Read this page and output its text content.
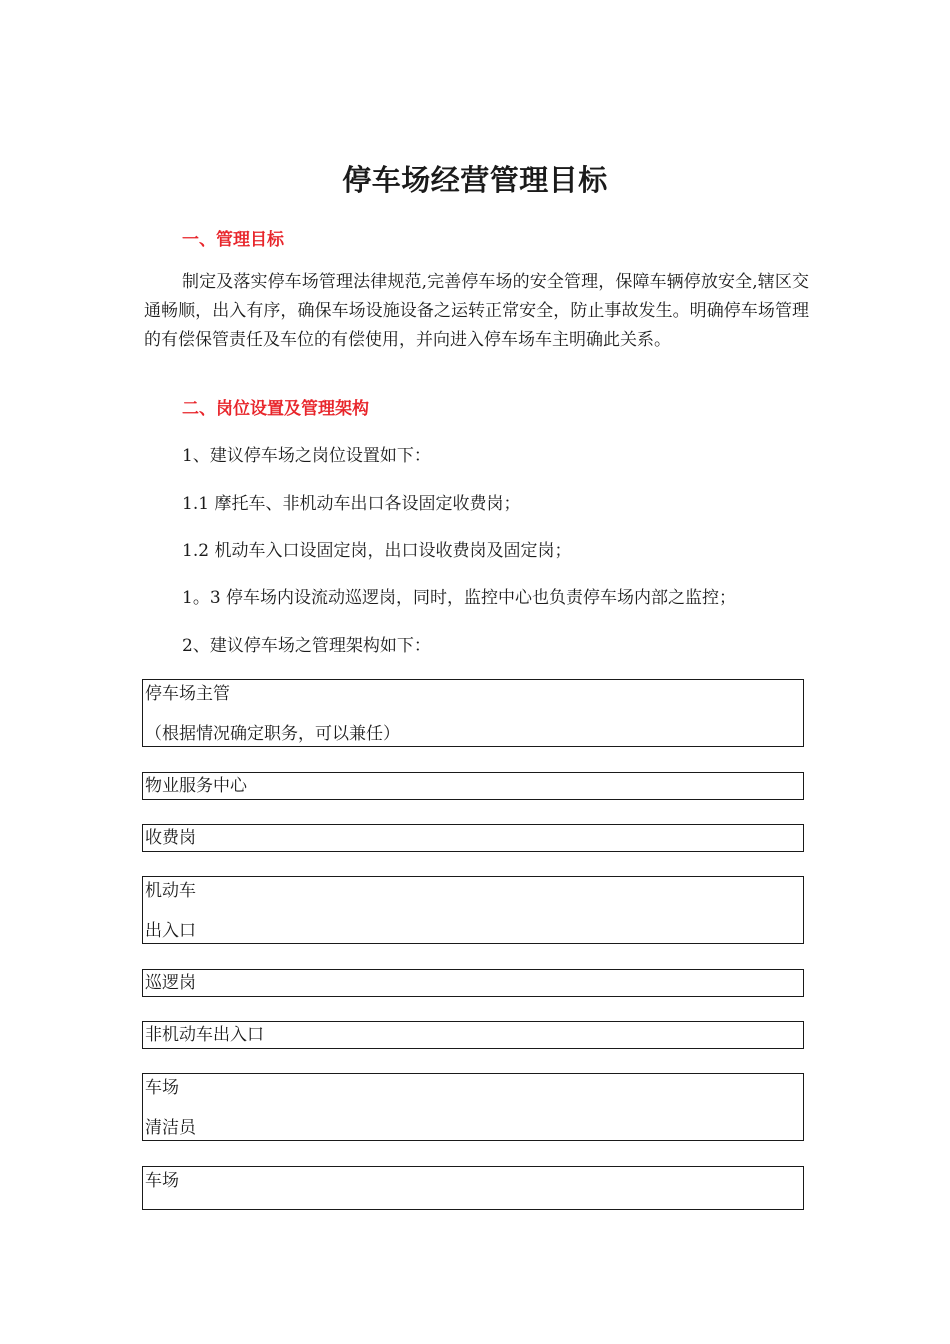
停车场经营管理目标
一、管理目标
制定及落实停车场管理法律规范,完善停车场的安全管理，保障车辆停放安全,辖区交通畅顺，出入有序，确保车场设施设备之运转正常安全，防止事故发生。明确停车场管理的有偿保管责任及车位的有偿使用，并向进入停车场车主明确此关系。
二、岗位设置及管理架构
1、建议停车场之岗位设置如下：
1.1 摩托车、非机动车出口各设固定收费岗；
1.2 机动车入口设固定岗，出口设收费岗及固定岗；
1。3 停车场内设流动巡逻岗，同时，监控中心也负责停车场内部之监控；
2、建议停车场之管理架构如下：
停车场主管
（根据情况确定职务，可以兼任）
物业服务中心
收费岗
机动车
出入口
巡逻岗
非机动车出入口
车场
清洁员
车场
